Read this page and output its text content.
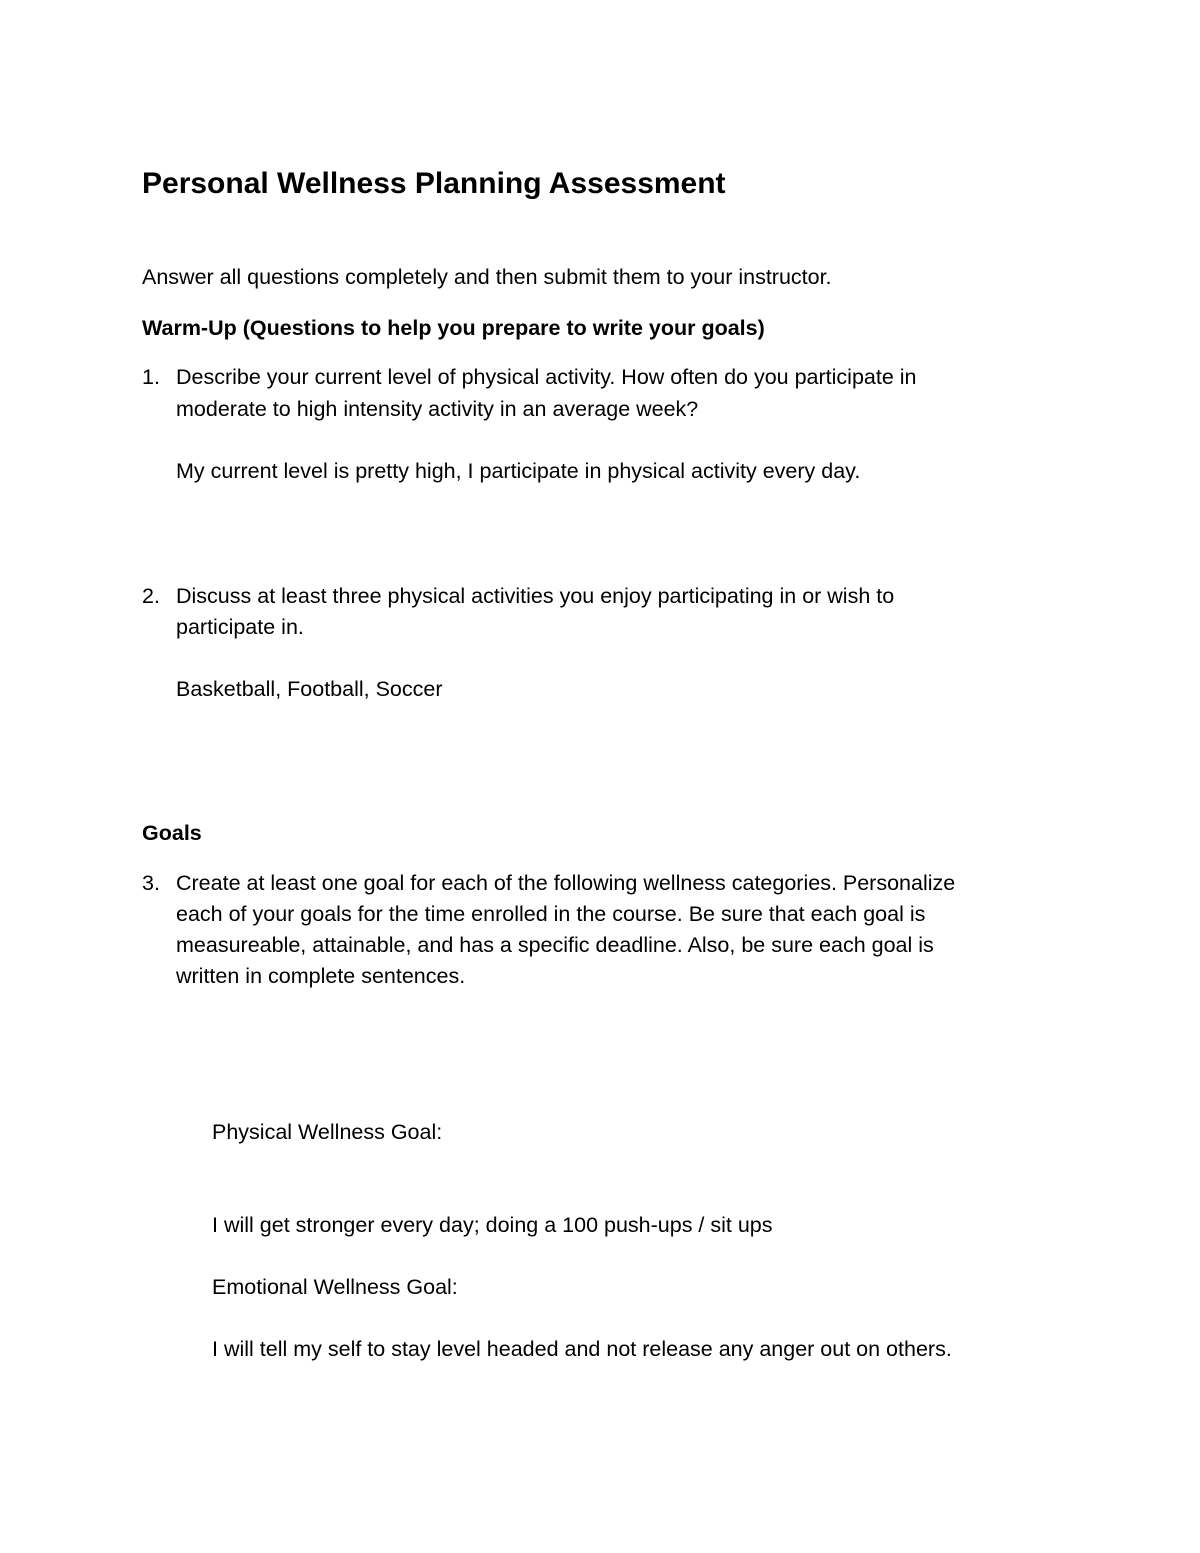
Personal Wellness Planning Assessment

Answer all questions completely and then submit them to your instructor.

Warm-Up (Questions to help you prepare to write your goals)

1. Describe your current level of physical activity. How often do you participate in

moderate to high intensity activity in an average week?

My current level is pretty high, I participate in physical activity every day.

2. Discuss at least three physical activities you enjoy participating in or wish to

participate in.

Basketball, Football, Soccer

Goals

3. Create at least one goal for each of the following wellness categories. Personalize

each of your goals for the time enrolled in the course. Be sure that each goal is

measureable, attainable, and has a specific deadline. Also, be sure each goal is

written in complete sentences.

Physical Wellness Goal:

I will get stronger every day; doing a 100 push-ups / sit ups

Emotional Wellness Goal:

I will tell my self to stay level headed and not release any anger out on others.
